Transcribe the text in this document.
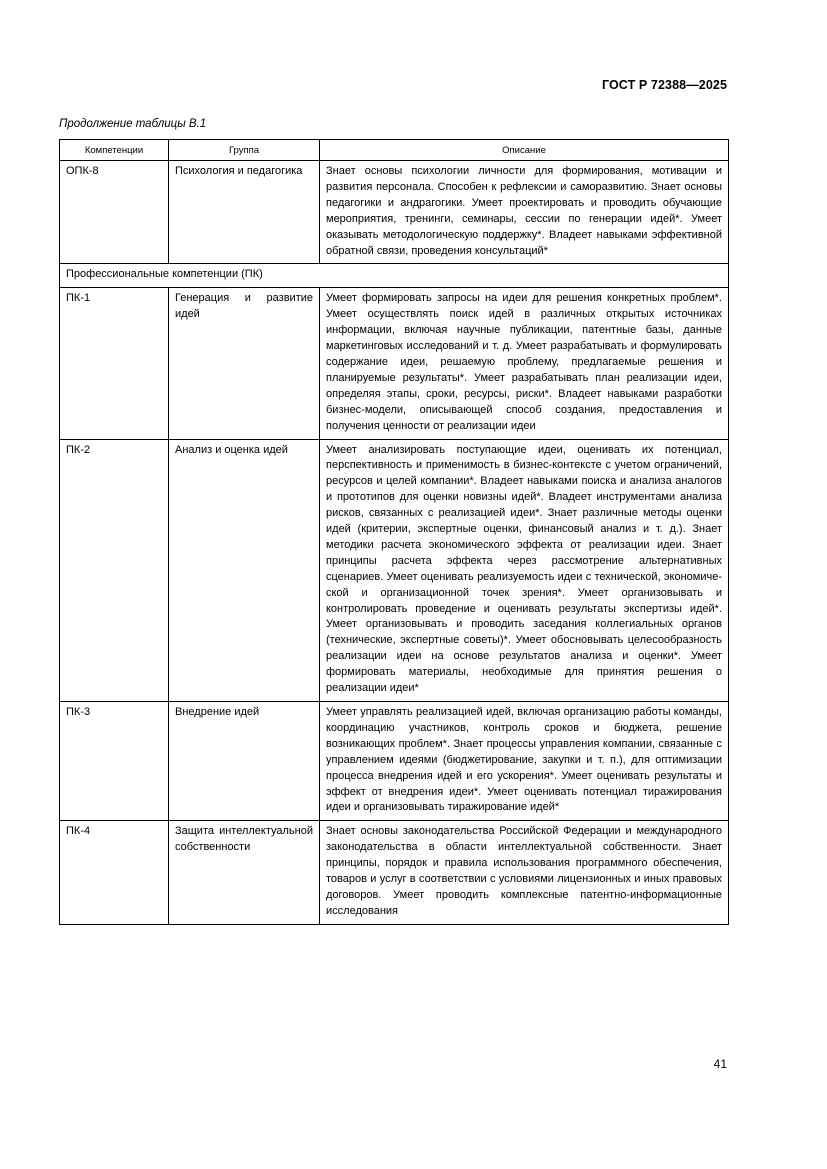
ГОСТ Р 72388—2025
Продолжение таблицы В.1
Компетенции	Группа	Описание
ОПК-8	Психология и педагогика	Знает основы психологии личности для формирования, мотивации и развития персонала. Способен к рефлексии и саморазвитию. Знает основы педагогики и андрагогики. Умеет проектировать и проводить обучающие мероприятия, тренинги, семинары, сессии по генерации идей*. Умеет оказывать методологическую поддержку*. Владеет навыками эффективной обратной связи, проведения консультаций*
Профессиональные компетенции (ПК)		
ПК-1	Генерация и развитие идей	Умеет формировать запросы на идеи для решения конкретных проблем*. Умеет осуществлять поиск идей в различных открытых источниках информации, включая научные публикации, патентные базы, данные маркетинговых исследований и т. д. Умеет разрабатывать и формулировать содержание идеи, решаемую проблему, предлагаемые решения и планируемые результаты*. Умеет разрабатывать план реализации идеи, определяя этапы, сроки, ресурсы, риски*. Владеет навыками разработки бизнес-модели, описывающей способ создания, предоставления и получения ценности от реализации идеи
ПК-2	Анализ и оценка идей	Умеет анализировать поступающие идеи, оценивать их потенциал, перспективность и применимость в бизнес-контексте с учетом ограничений, ресурсов и целей компании*. Владеет навыками поиска и анализа аналогов и прототипов для оценки новизны идей*. Владеет инструментами анализа рисков, связанных с реализацией идеи*. Знает различные методы оценки идей (критерии, экспертные оценки, финансовый анализ и т. д.). Знает методики расчета экономического эффекта от реализации идеи. Знает принципы расчета эффекта через рассмотрение альтернативных сценариев. Умеет оценивать реализуемость идеи с технической, экономической и организационной точек зрения*. Умеет организовывать и контролировать проведение и оценивать результаты экспертизы идей*. Умеет организовывать и проводить заседания коллегиальных органов (технические, экспертные советы)*. Умеет обосновывать целесообразность реализации идеи на основе результатов анализа и оценки*. Умеет формировать материалы, необходимые для принятия решения о реализации идеи*
ПК-3	Внедрение идей	Умеет управлять реализацией идей, включая организацию работы команды, координацию участников, контроль сроков и бюджета, решение возникающих проблем*. Знает процессы управления компании, связанные с управлением идеями (бюджетирование, закупки и т. п.), для оптимизации процесса внедрения идей и его ускорения*. Умеет оценивать результаты и эффект от внедрения идеи*. Умеет оценивать потенциал тиражирования идеи и организовывать тиражирование идей*
ПК-4	Защита интеллектуальной собственности	Знает основы законодательства Российской Федерации и международного законодательства в области интеллектуальной собственности. Знает принципы, порядок и правила использования программного обеспечения, товаров и услуг в соответствии с условиями лицензионных и иных правовых договоров. Умеет проводить комплексные патентно-информационные исследования
41
